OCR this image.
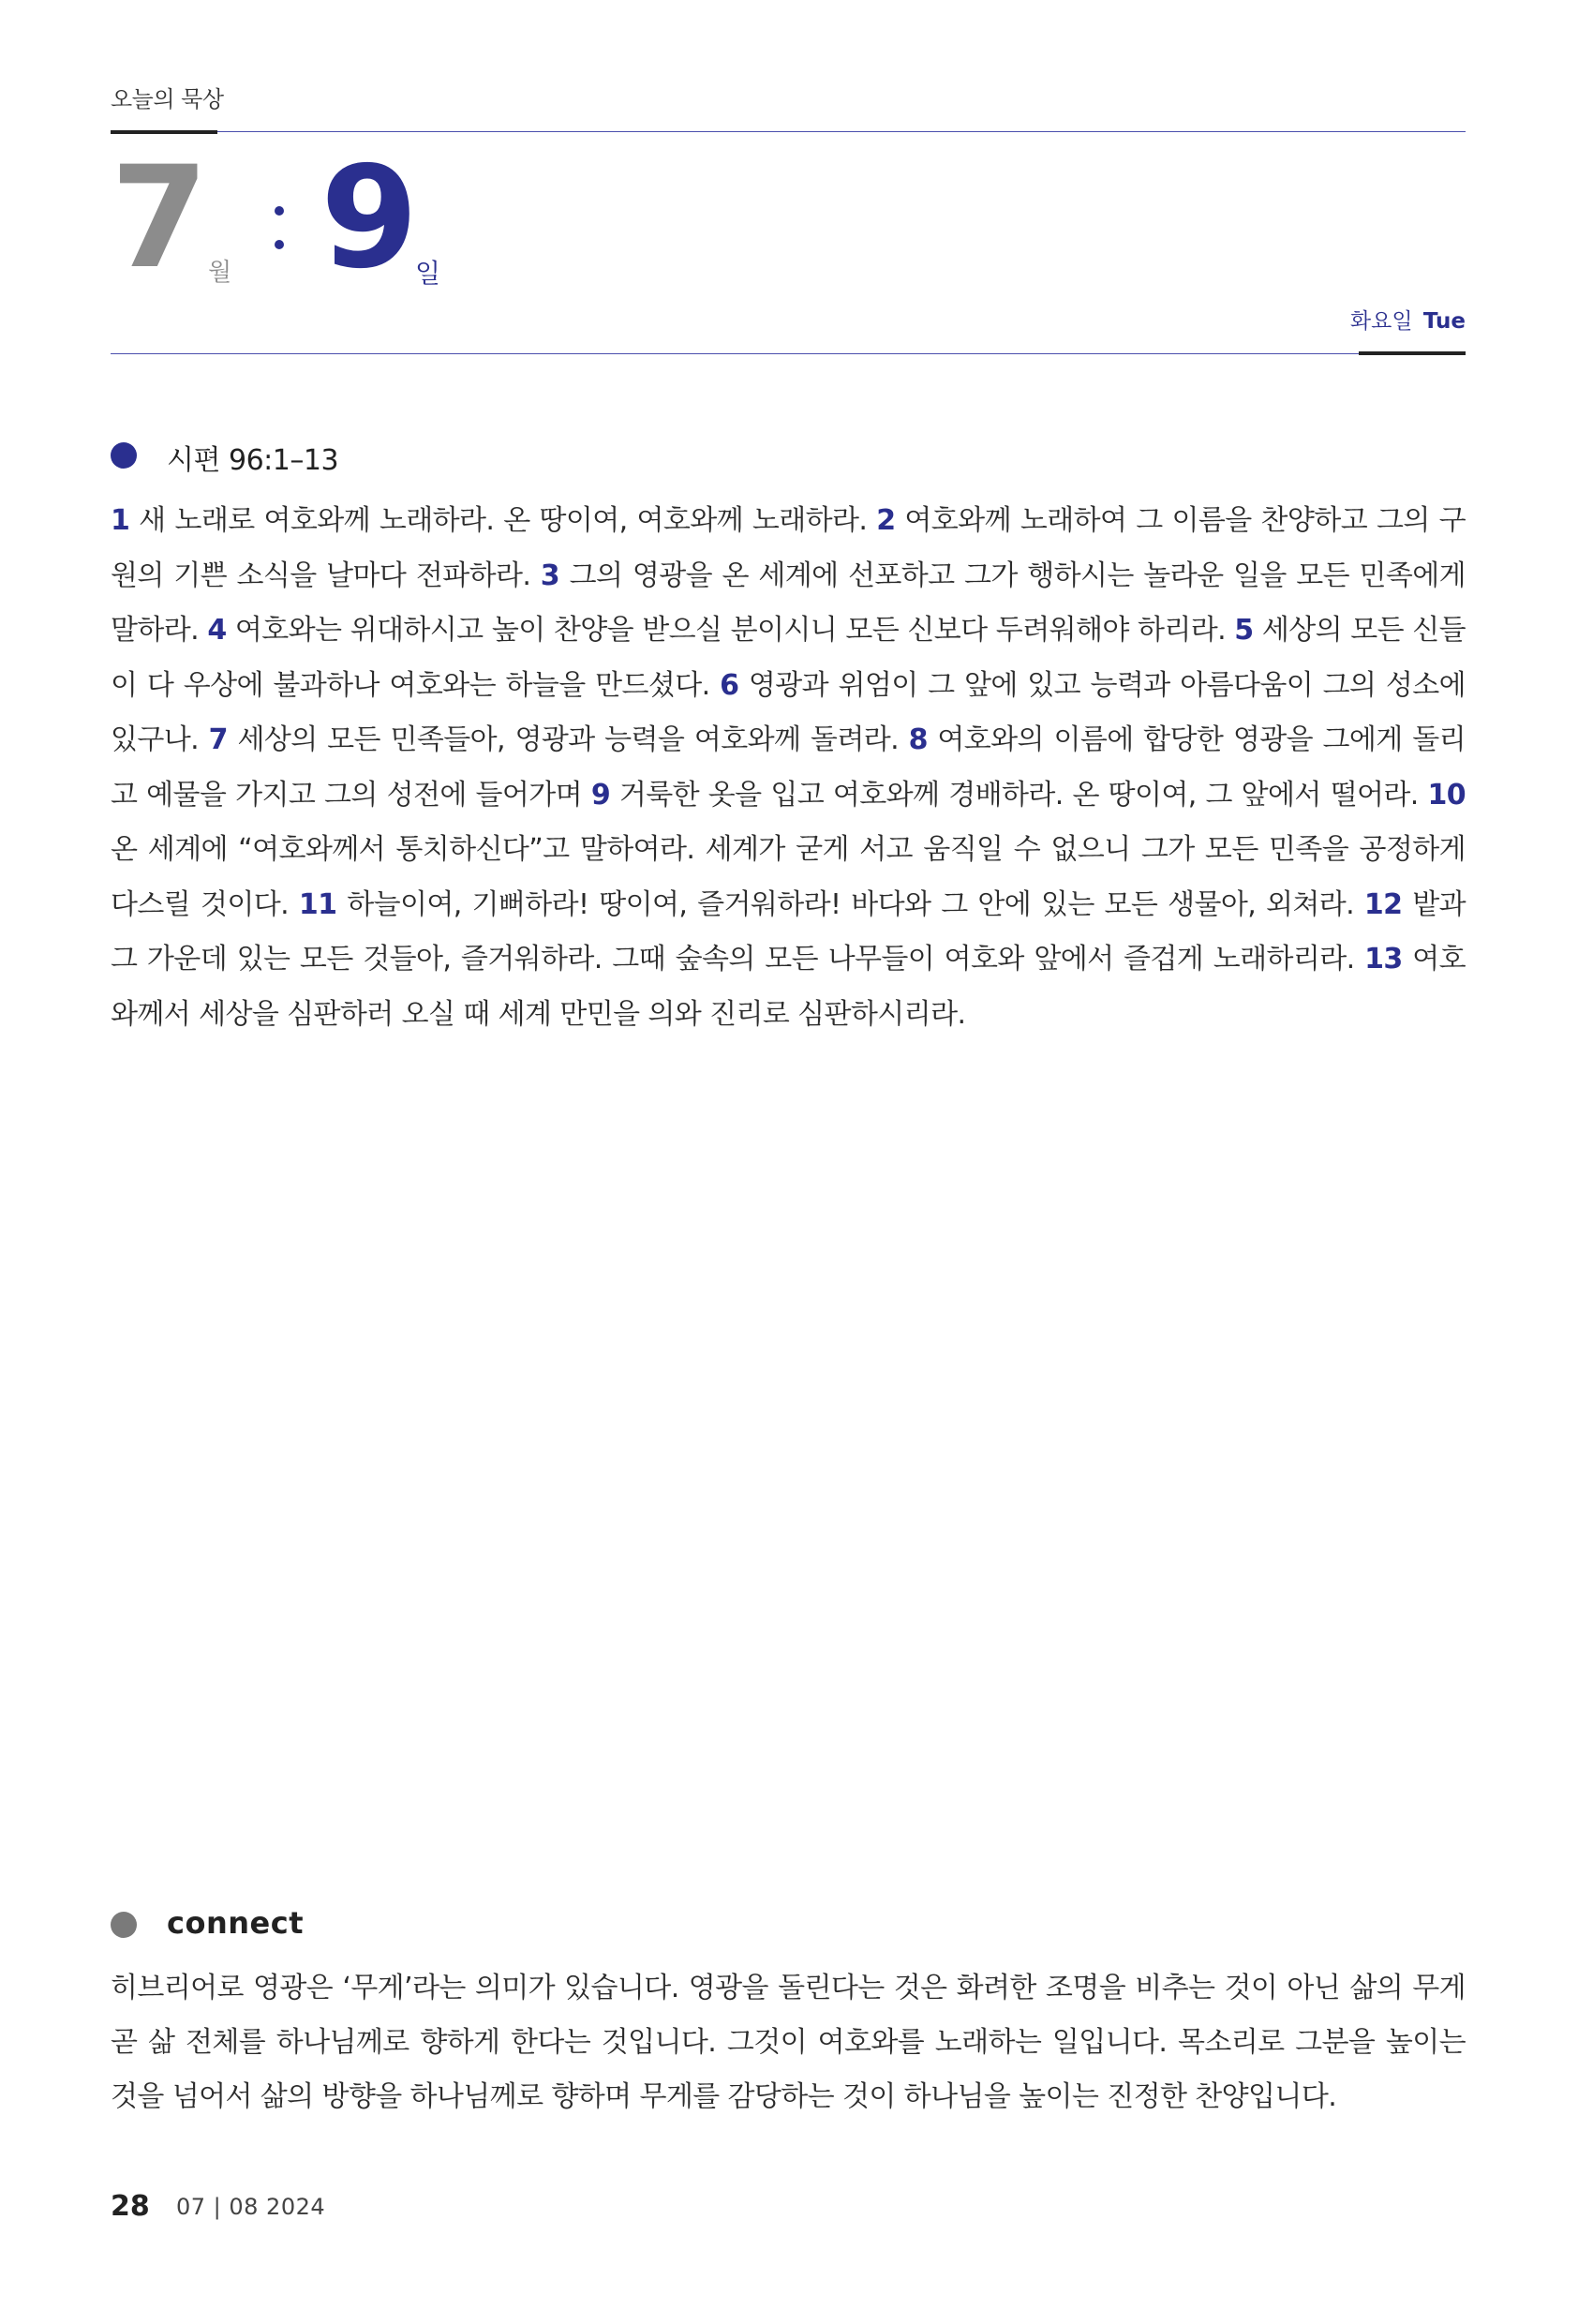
오늘의 묵상
7 월 9
일
화요일 Tue
시편 96:1–13
1 새 노래로 여호와께 노래하라. 온 땅이여, 여호와께 노래하라. 2 여호와께 노래하여 그 이름을 찬양하고 그의 구원의 기쁜 소식을 날마다 전파하라. 3 그의 영광을 온 세계에 선포하고 그가 행하시는 놀라운 일을 모든 민족에게 말하라. 4 여호와는 위대하시고 높이 찬양을 받으실 분이시니 모든 신보다 두려워해야 하리라. 5 세상의 모든 신들이 다 우상에 불과하나 여호와는 하늘을 만드셨다. 6 영광과 위엄이 그 앞에 있고 능력과 아름다움이 그의 성소에 있구나. 7 세상의 모든 민족들아, 영광과 능력을 여호와께 돌려라. 8 여호와의 이름에 합당한 영광을 그에게 돌리고 예물을 가지고 그의 성전에 들어가며 9 거룩한 옷을 입고 여호와께 경배하라. 온 땅이여, 그 앞에서 떨어라. 10 온 세계에 “여호와께서 통치하신다”고 말하여라. 세계가 굳게 서고 움직일 수 없으니 그가 모든 민족을 공정하게 다스릴 것이다. 11 하늘이여, 기뻐하라! 땅이여, 즐거워하라! 바다와 그 안에 있는 모든 생물아, 외쳐라. 12 밭과 그 가운데 있는 모든 것들아, 즐거워하라. 그때 숲속의 모든 나무들이 여호와 앞에서 즐겁게 노래하리라. 13 여호와께서 세상을 심판하러 오실 때 세계 만민을 의와 진리로 심판하시리라.
connect
히브리어로 영광은 ‘무게’라는 의미가 있습니다. 영광을 돌린다는 것은 화려한 조명을 비추는 것이 아닌 삶의 무게 곧 삶 전체를 하나님께로 향하게 한다는 것입니다. 그것이 여호와를 노래하는 일입니다. 목소리로 그분을 높이는 것을 넘어서 삶의 방향을 하나님께로 향하며 무게를 감당하는 것이 하나님을 높이는 진정한 찬양입니다.
28 07 | 08 2024
